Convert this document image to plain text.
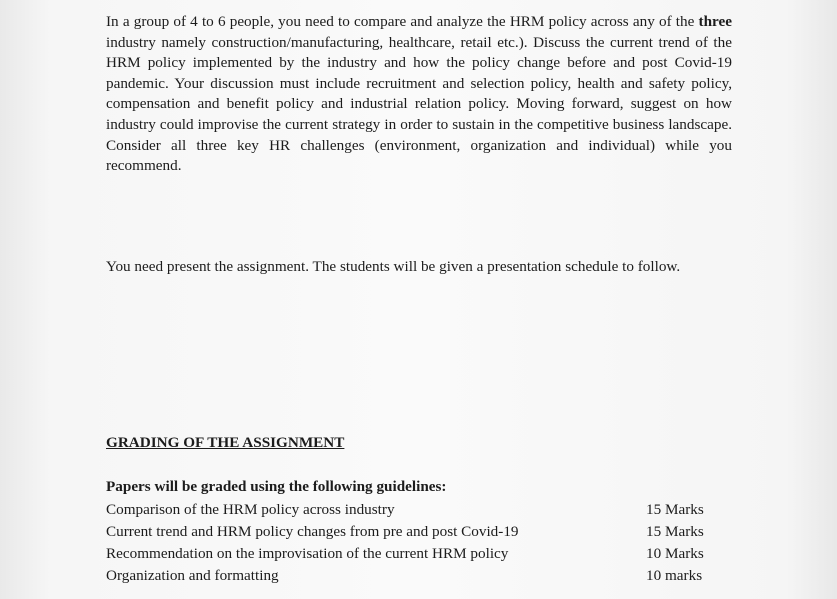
In a group of 4 to 6 people, you need to compare and analyze the HRM policy across any of the three industry namely construction/manufacturing, healthcare, retail etc.). Discuss the current trend of the HRM policy implemented by the industry and how the policy change before and post Covid-19 pandemic. Your discussion must include recruitment and selection policy, health and safety policy, compensation and benefit policy and industrial relation policy. Moving forward, suggest on how industry could improvise the current strategy in order to sustain in the competitive business landscape. Consider all three key HR challenges (environment, organization and individual) while you recommend.

You need present the assignment. The students will be given a presentation schedule to follow.

GRADING OF THE ASSIGNMENT

Papers will be graded using the following guidelines:

Comparison of the HRM policy across industry	15 Marks
Current trend and HRM policy changes from pre and post Covid-19	15 Marks
Recommendation on the improvisation of the current HRM policy	10 Marks
Organization and formatting	10 marks
